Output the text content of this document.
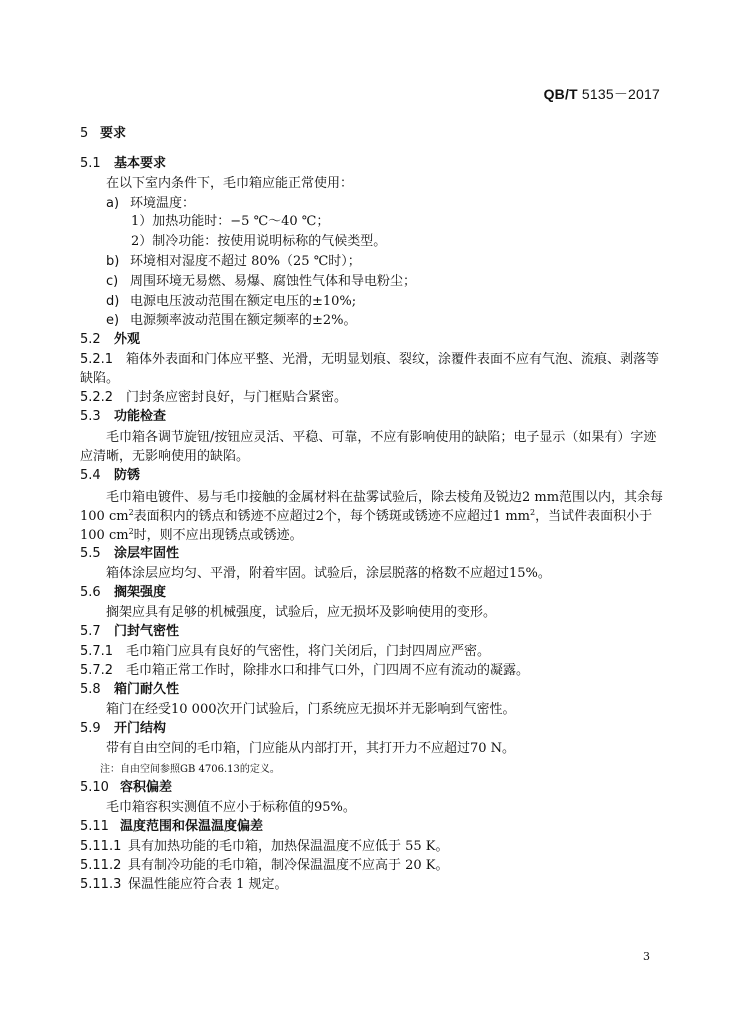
QB/T 5135－2017
5 要求
5.1 基本要求
在以下室内条件下，毛巾箱应能正常使用：
a) 环境温度：
1）加热功能时：−5 ℃～40 ℃；
2）制冷功能：按使用说明标称的气候类型。
b) 环境相对湿度不超过 80%（25 ℃时）；
c) 周围环境无易燃、易爆、腐蚀性气体和导电粉尘；
d) 电源电压波动范围在额定电压的±10%;
e) 电源频率波动范围在额定频率的±2%。
5.2 外观
5.2.1 箱体外表面和门体应平整、光滑，无明显划痕、裂纹，涂覆件表面不应有气泡、流痕、剥落等
缺陷。
5.2.2 门封条应密封良好，与门框贴合紧密。
5.3 功能检查
毛巾箱各调节旋钮/按钮应灵活、平稳、可靠，不应有影响使用的缺陷；电子显示（如果有）字迹
应清晰，无影响使用的缺陷。
5.4 防锈
毛巾箱电镀件、易与毛巾接触的金属材料在盐雾试验后，除去棱角及锐边2 mm范围以内，其余每
100 $cm^2$表面积内的锈点和锈迹不应超过2个，每个锈斑或锈迹不应超过1 $mm^2$，当试件表面积小于
100 $cm^2$时，则不应出现锈点或锈迹。
5.5 涂层牢固性
箱体涂层应均匀、平滑，附着牢固。试验后，涂层脱落的格数不应超过15%。
5.6 搁架强度
搁架应具有足够的机械强度，试验后，应无损坏及影响使用的变形。
5.7 门封气密性
5.7.1 毛巾箱门应具有良好的气密性，将门关闭后，门封四周应严密。
5.7.2 毛巾箱正常工作时，除排水口和排气口外，门四周不应有流动的凝露。
5.8 箱门耐久性
箱门在经受10 000次开门试验后，门系统应无损坏并无影响到气密性。
5.9 开门结构
带有自由空间的毛巾箱，门应能从内部打开，其打开力不应超过70 N。
注：自由空间参照GB 4706.13的定义。
5.10 容积偏差
毛巾箱容积实测值不应小于标称值的95%。
5.11 温度范围和保温温度偏差
5.11.1 具有加热功能的毛巾箱，加热保温温度不应低于 55 K。
5.11.2 具有制冷功能的毛巾箱，制冷保温温度不应高于 20 K。
5.11.3 保温性能应符合表 1 规定。
3
